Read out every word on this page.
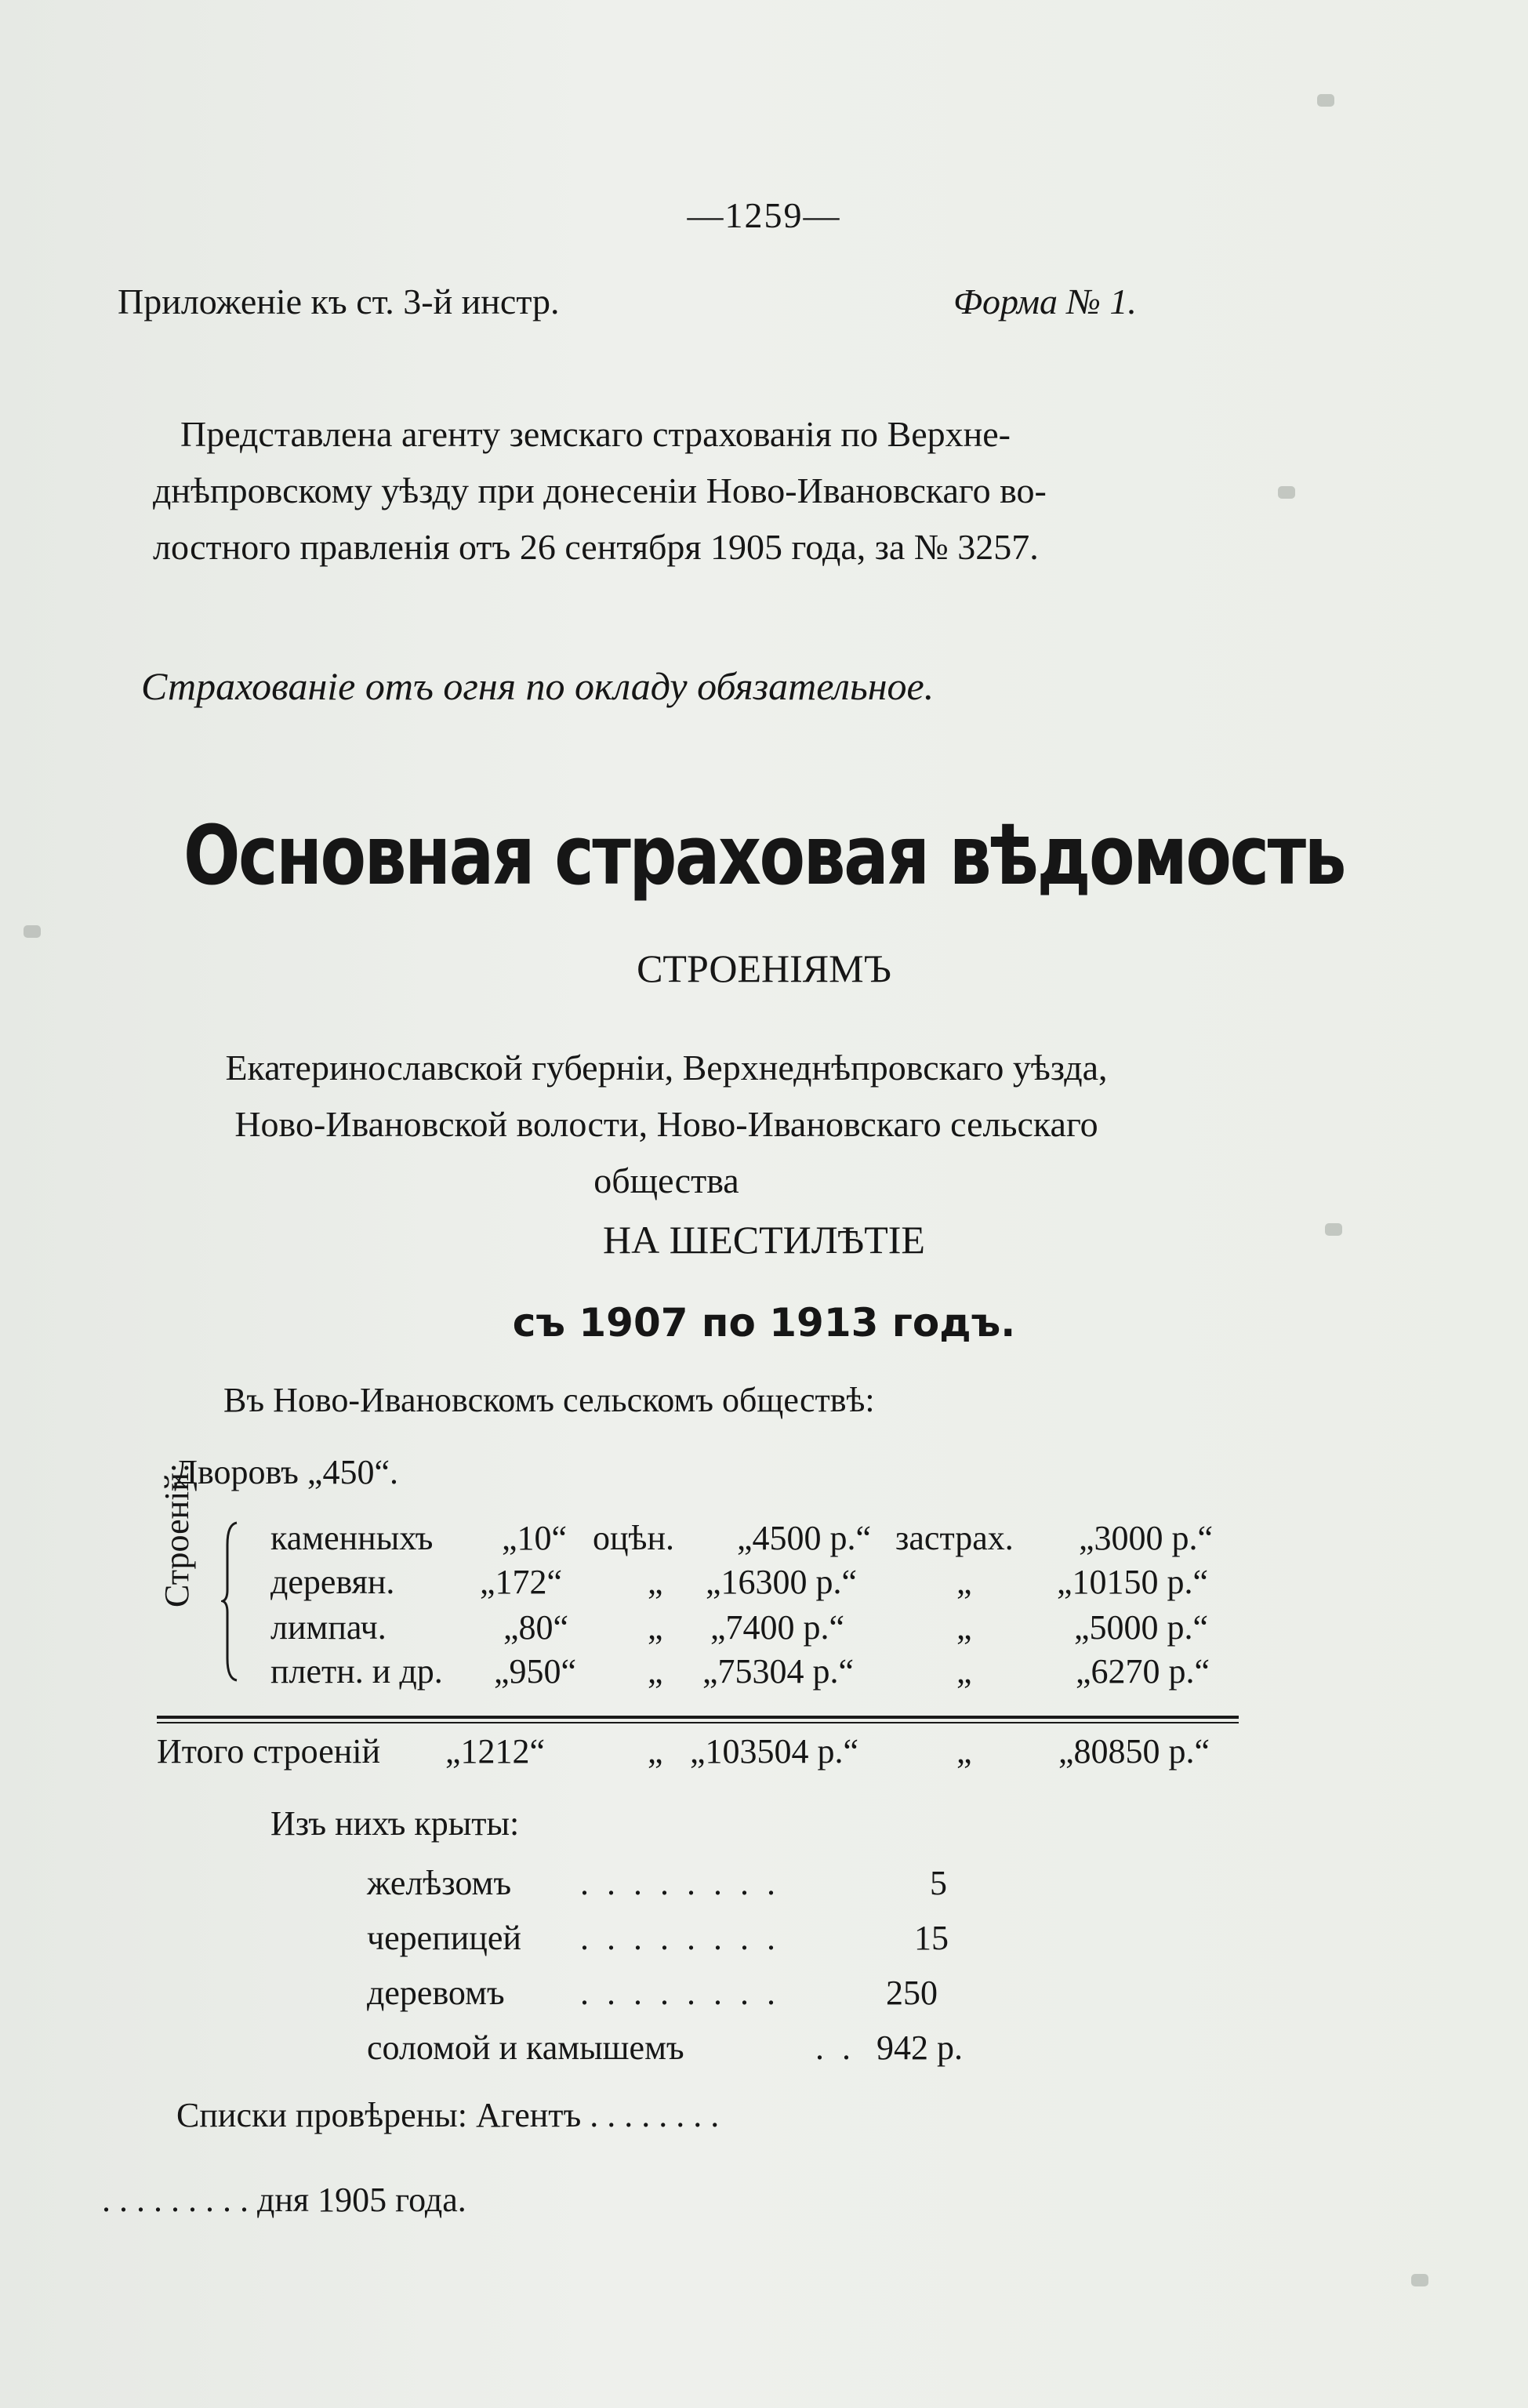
—1259—
Приложенiе къ ст. 3-й инстр.	Форма № 1.
Представлена агенту земскаго страхованiя по Верхне-
днѣпровскому уѣзду при донесенiи Ново-Ивановскаго во-
лостного правленiя отъ 26 сентября 1905 года, за № 3257.
Страхованiе отъ огня по окладу обязательное.
Основная страховая вѣдомость
СТРОЕНIЯМЪ
Екатеринославской губернiи, Верхнеднѣпровскаго уѣзда,
Ново-Ивановской волости, Ново-Ивановскаго сельскаго
общества
НА ШЕСТИЛѢТIЕ
съ 1907 по 1913 годъ.
Въ Ново-Ивановскомъ сельскомъ обществѣ:
Дворовъ „450“.
Строенiй: каменныхъ „10“ оцѣн. „4500 р.“ застрах. „3000 р.“
деревян. „172“ „ „16300 р.“	„ „10150 р.“
лимпач.	„80“ „ „7400 р.“	„	„5000 р.“
плетн. и др. „950“ „ „75304 р.“	„	„6270 р.“
Итого строенiй „1212“	„ „103504 р.“	„	„80850 р.“
Изъ нихъ крыты:
желѣзомъ . . . . . . . .	5
черепицей . . . . . . . .	15
деревомъ . . . . . . . .	250
соломой и камышемъ	. . 942 р.
Списки провѣрены: Агентъ . . . . . . . .
. . . . . . . . . дня 1905 года.
